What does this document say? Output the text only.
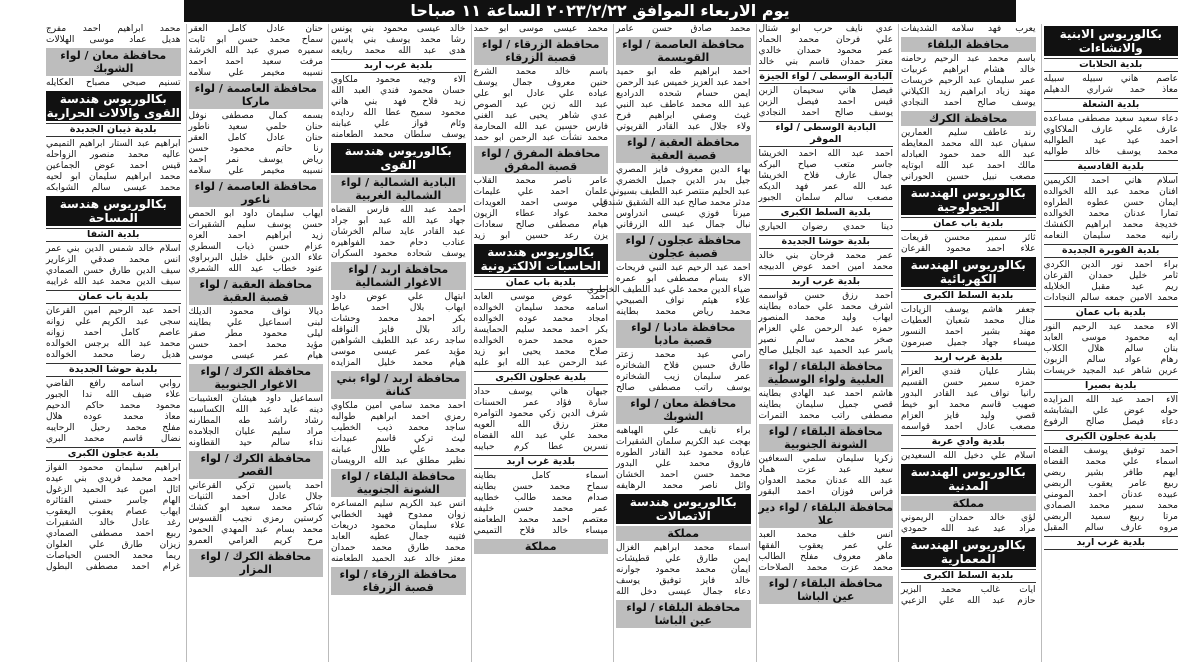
يوم الاربعاء الموافق ٢٠٢٣/٢/٢٢ الساعة ١١ صباحا
بكالوريوس الابنية والانشاءات
بلدية الحلابات
عاصم هاني سبيله سبيله
معاذ حمد شراري الدهيلم
بلدية الشعلة
دعاء سعيد سعيد مصطفى مساعده
عارف علي عارف الملاكاوي
احمد عيد عيد الطوالبه
محمد يوسف خالد طواليه
بلدية القادسية
اسلام هاني احمد الكريمين
افنان محمد عبد الله الخوالده
ايمان حسن عطوه الطراوه
تمارا عدنان محمد الخوالده
خديجة محمد ابراهيم الكفشك
رانيه محمد سليمان النعامه
بلدية الفويرة الجديدة
براء احمد نور الدين الكردي
ثامر خليل حمدان القرعان
ريم عيد مقبل الخلايله
محمد الامين جمعه سالم النجادات
بلدية باب عمان
الاء محمد عبد الرحيم النور
ايه محمود موسى العابد
بنان سالم هلال الكلاب
رهام عواد سالم الزبون
عرين شاهر عبد المجيد خريسات
بلدية بصيرا
الاء احمد عبد الله المزايده
حوله عوض علي البشابشه
دعاء فيصل صالح الرفوع
بلدية عجلون الكبرى
احمد توفيق يوسف القضاه
اسماء علي محمد القضاه
ايهم طافر بشير ربضي
ربيع عامر يعقوب الربضي
عبيده عدنان احمد المومني
محمد سمير محمد الصمادي
مرتا ربيع سميد الربضي
مروه عارف سالم المقبل
بلدية غرب اربد
يعرب فهد سلامه الشديفات
محافظة البلقاء
باسم محمد عبد الرحيم رحامنه
خالد هشام ابراهيم عربيات
عمر سليمان عبد الرحيم خريسات
مهند زياد ابراهيم زيد الكيلاني
يوسف صالح احمد النجادي
محافظة الكرك
رند عاطف سليم العمارين
سفيان عبد الله محمد المعايطه
عبد الله حمد حمود العبادله
مالك احمد عبد الله ابوتايه
مصعب نبيل حسين الحوراني
بكالوريوس الهندسة الجيولوجية
بلدية باب عمان
ثائر سمير محسن قريعات
علاء احمد محمود القرعان
بكالوريوس الهندسة الكهربائية
بلدية السلط الكبرى
جعفر هاشم يوسف الزيادات
منال محمد شعبان العطيات
مهند بشير احمد النسور
ميساء جهاد جميل صبرمون
بلدية غرب اربد
بشار عليان فندي العزام
حمزه سمير حسن القسيم
رانيا نواف عبد القادر البدور
صهيب قاسم محمد ابو خيط
قصي وليد فايز العزام
مصعب عادل احمد قواسمه
بلدية وادي عربة
اسلام علي دخيل الله السعيدين
بكالوريوس الهندسة المدنية
مملكة
لؤي خالد حمدان الريموني
مراد عيد عبد الله حمودي
بكالوريوس الهندسة المعمارية
بلدية السلط الكبرى
ايات غالب محمد البزير
حازم عبد الله علي الزعبي
عدي نايف حرب ابو شتال
علي فرحان محمد الحماد
عمر محمود حمدان خالدي
معتز حمدان قاسم بني خالد
البادية الوسطى / لواء الجيزة
فيصل هاني سحيمان الزبن
قيس احمد فيصل الزبن
يوسف صالح احمد النجادي
البادية الوسطى / لواء الموقر
احمد عبد الله احمد الخريشا
جاسر متعب صياح البركه
جمال عارف فلاح الخريشا
عبد الله عمر فهد الديكه
مصعب سالم سلمان الجبور
بلدية السلط الكبرى
دينا حمدي رضوان الحياري
بلدية حوشا الجديدة
عمر محمد فرحان بني خالد
محمد امين احمد عوض الدبيجه
بلدية غرب اربد
احمد رزق حسن قواسمه
اشرف محمد علي حماده بطاينه
ايهاب وليد محمد المنصور
حمزه عبد الرحمن علي العزام
صخر محمد سالم نصير
ياسر عبد الحميد عبد الجليل صالح
محافظة البلقاء / لواء العلبية ولواء الوسطية
هاشم احمد عبد الهادي بطاينه
قصي جميل سليمان بطاينه
مصطفى راتب محمد التمرات
محافظة البلقاء / لواء الشونة الجنوبية
زكريا سليمان سلمي السعافين
سعيد عبد عزت هماد
عبد الله عدنان محمد العدوان
فراس فوزان احمد البقور
محافظة البلقاء / لواء دير علا
انس خلف محمد العبد
علي عمر يعقوب الفقها
ماهر معروف مفلح الطالب
محمد عزت محمد الصلاحات
محافظة البلقاء / لواء عين الباشا
محمد صادق حسن عامر
محافظة العاصمة / لواء القويسمة
احمد ابراهيم طه ابو حميد
احمد عبد العزيز خميس عبد الرحمن
ايمن حسام شحده الدراديع
عبد الله محمد عاطف عبد النبي
غيث وصفي ابراهيم فرح
ولاء جلال عبد القادر القريوتي
محافظة العقبة / لواء قصبة العقبة
بهاء الدين معروف فايز المصري
جيل بدر الدين جميل الخضري
عبد الحليم منتصر عبد اللطيف بسيوني
مدثر محمد صالح عبد الله الشقيق شندق
ميرنا فوزي عيسى اندراوس
نبال جمال عبد الله الزرقاني
محافظة عجلون / لواء قصبة عجلون
احمد عبد الرحيم عبد النبي فريحات
الاء بسام مصطفى ابو عمره
ضياء الدين محمد علي عبد اللطيف الخاطري
علاء هيثم نواف الصبيحي
محمد رياض محمد بطاينه
محافظة مادبا / لواء قصبة مادبا
رامي عيد محمد زعتر
طارق حسين فلاح الشخاتره
عمر سليمان زيب الشخاتره
يوسف راتب مصطفى صالح
محافظة معان / لواء الشوبك
براء نايف علي الهباهبه
بهجت عبد الكريم سلمان الشقيرات
عباده محمود عبد القادر الطوره
فاروق محمد علي البدور
محمد حسن احمد الخشان
وائل ناصر محمد الرهايفه
بكالوريوس هندسة الاتصالات
مملكة
اسماء محمد ابراهيم الغزال
ايمن طارق علي قطيشات
ايمان محمد محمود جوارنه
خالد فايز توفيق يوسف
دعاء جمال عيسى دخل الله
محافظة البلقاء / لواء عين الباشا
محمد عيسى موسى ابو حمد
محافظة الزرقاء / لواء قصبة الزرقاء
باسم خالد محمد الشرع
حنين معروف جمال يوسف
عباده علي عادل ابو علي
عبد الله زين عيد الصوص
عدي شاهر يحيى عبد الغني
فارس حسين عبد الله المحارمة
محمد نشأت عبد الرحمن ابو حمد
محافظة المفرق / لواء قصبة المفرق
عامر ناصر محمد القلاب
علمان احمد علي عليمات
علي موسى احمد العويدات
محمد عواد عطاء الزيون
هيام مصطفى صالح سعادات
يزن رعد حسين ابو زيد
بكالوريوس هندسة الحاسبات الالكترونية
بلدية باب عمان
احمد عوض موسى العابد
اسامه محمد سليمان الخوالده
امجاد محمد عوده الخوالده
بكر احمد محمد سليم الحمايسة
حمزه محمد حمزه الخوالده
صلاح محمد يحيى ابو زيد
عبد الرحمن عبد الله ابو علبه
بلدية عجلون الكبرى
جيهان هاني يوسف حداد
سارة فؤاد عمر الحسنات
شرف الدين زكي محمود التوامره
معتز رزق الله العويه
محمد علي عبد الله القضاه
نسرين عطا كرم حبايبه
بلدية غرب اربد
اسماء كامل بطاينه
سماح محمد حسن بطاينه
صدام محمد طالب خطايبه
عمر محمد حسن خليفه
معتصم احمد محمد الطعامنه
ميساء خالد فلاح التميمي
مملكة
خالد عيسى محمود بني يونس
رشا محمد يوسف بني ياسين
هدى عبد الله محمد ربايعه
بلدية غرب اربد
الاء وجيه محمود ملكاوي
حسان محمود فندي العبد الله
زيد فلاح فهد بني هاني
محمود سميح عطا الله ردايده
وئام فواز علي عبابنه
يوسف سلطان محمد الطعامنه
بكالوريوس هندسة القوى
البادية الشمالية / لواء الشمالية الغربية
احمد عبد الله فارس القضاه
جهاد عيد الله عبد ابو جراد
عبد القادر عايد سالم الخرشان
عنادب دحام حمد الفواهيره
يوسف شحاده محمود السكران
محافظة اربد / لواء الاغوار الشمالية
ابتهال علي عوض داود
ايهاب بلال احمد عياط
بكر احمد محمد وحشات
رائد بلال فايز النوافله
ساجد رعد عبد اللطيف الشواهين
مؤيد عمر عيسى موسى
هيام محمد خليل المزايده
محافظة اربد / لواء بني كنانة
احمد محمد سامي امين ملكاوي
رمزي احمد ابراهيم طوالبه
ساجد محمد ذيب الخطيب
ليث تركي قاسم عبيدات
محمد علي طلال عبابنه
نظير مطلق عبد الله الرويسان
محافظة البلقاء / لواء الشونة الجنوبية
انس عبد الكريم سليم المساعره
زوان ممدوح فهيد الخطابي
علاء سليمان محمود دريعات
فتيبه جمال عطيه العابد
محمد طارق محمد حمدان
معتز خالد عبد الحميد الطعامنه
محافظة الزرقاء / لواء قصبة الزرقاء
حنان عادل كامل العقر
سماح محمد حسن ابو ثابت
سميره صبري عبد الله الخرشة
مرفت سعيد احمد احمد
نسيبه مخيمر علي سلامه
محافظة العاصمة / لواء ماركا
بسمه كمال مصطفى نوفل
حنان حلمي سعيد ناطور
حنان عادل كامل العقر
رنا حاتم محمود حسن
رياض يوسف نمر احمد
نسيبه مخيمر علي سلامه
محافظة العاصمة / لواء ناعور
ايهاب سليمان داود ابو الحمص
حسن يوسف سليم الشقيرات
زيد ابراهيم احمد العزه
عزام حسن ذياب السطري
علاء الدين خليل خليل البربراوي
عنود خطاب عيد الله الشمري
محافظة العقبة / لواء قصبة العقبة
ديالا نواف محمود الديلك
لبنى اسماعيل علي بطاينه
ليلى محمود مطر صقر
مؤيد محمد احمد حسن
هيام عمر عيسى موسى
محافظة الكرك / لواء الاغوار الجنوبية
اسماعيل داود هيشان العشيبات
دينه عايد عبد الله الكساسبه
رشاد راشد طه المطارنه
مراد سليم عليان الجلامده
نداء سالم حيد القطاونه
محافظة الكرك / لواء القصر
احمد ياسين تركي القرعاني
جلال عادل احمد الثنيات
شاكر محمد سعيد ابو كشك
كرستين رمزي نجيب القسوس
محمد بسام عبد المهدي الحمود
مرح كريم العزامي العمرو
محافظة الكرك / لواء المزار
محمد ابراهيم احمد مفرج
هديل عماد موسى الهلالات
محافظة معان / لواء الشوبك
تسنيم صبحي مصباح العكايله
بكالوريوس هندسة القوى والالات الحرارية
بلدية ذيبان الجديدة
ابراهيم عبد الستار ابراهيم التميمي
عاليه محمد منصور الزواحله
قيس احمد عوض الجماعين
محمد ابراهيم سليمان ابو لحيه
محمد عيسى سالم الشوابكه
بكالوريوس هندسة المساحة
بلدية الشفا
اسلام خالد شمس الدين بني عمر
انس محمد صدقي الزعارير
سيف الدين طارق حسن الصمادي
سيف الدين محمد عبد الله غرايبه
بلدية باب عمان
احمد عبد الرحيم امين القرعان
سجى عبد الكريم علي زوانه
عاصم كامل احمد زوانه
محمد عبد الله برجس الخوالده
هديل رضا محمد الخوالده
بلدية حوشا الجديدة
روابي اسامه رافع القاضي
علاء ضيف الله ندا الجبور
محمود محمد حاكم الدحيم
معاذ محمد عوده هلال
مفلح محمد رحيل الرحايبه
نضال قاسم محمد البري
بلدية عجلون الكبرى
ابراهيم سليمان محمود الفواز
احمد محمد فريدي بني عيده
اثال امين عبد الحميد الزغول
الهام جاسر حسني القثاثره
ايهاب عصام يعقوب اليعقوب
رغد عادل خالد الشقيرات
ربيع احمد مصطفى الصمادي
زيزان طارق علي العلوان
ريما محمد الحسن الحياصات
غرام احمد مصطفى البطول
